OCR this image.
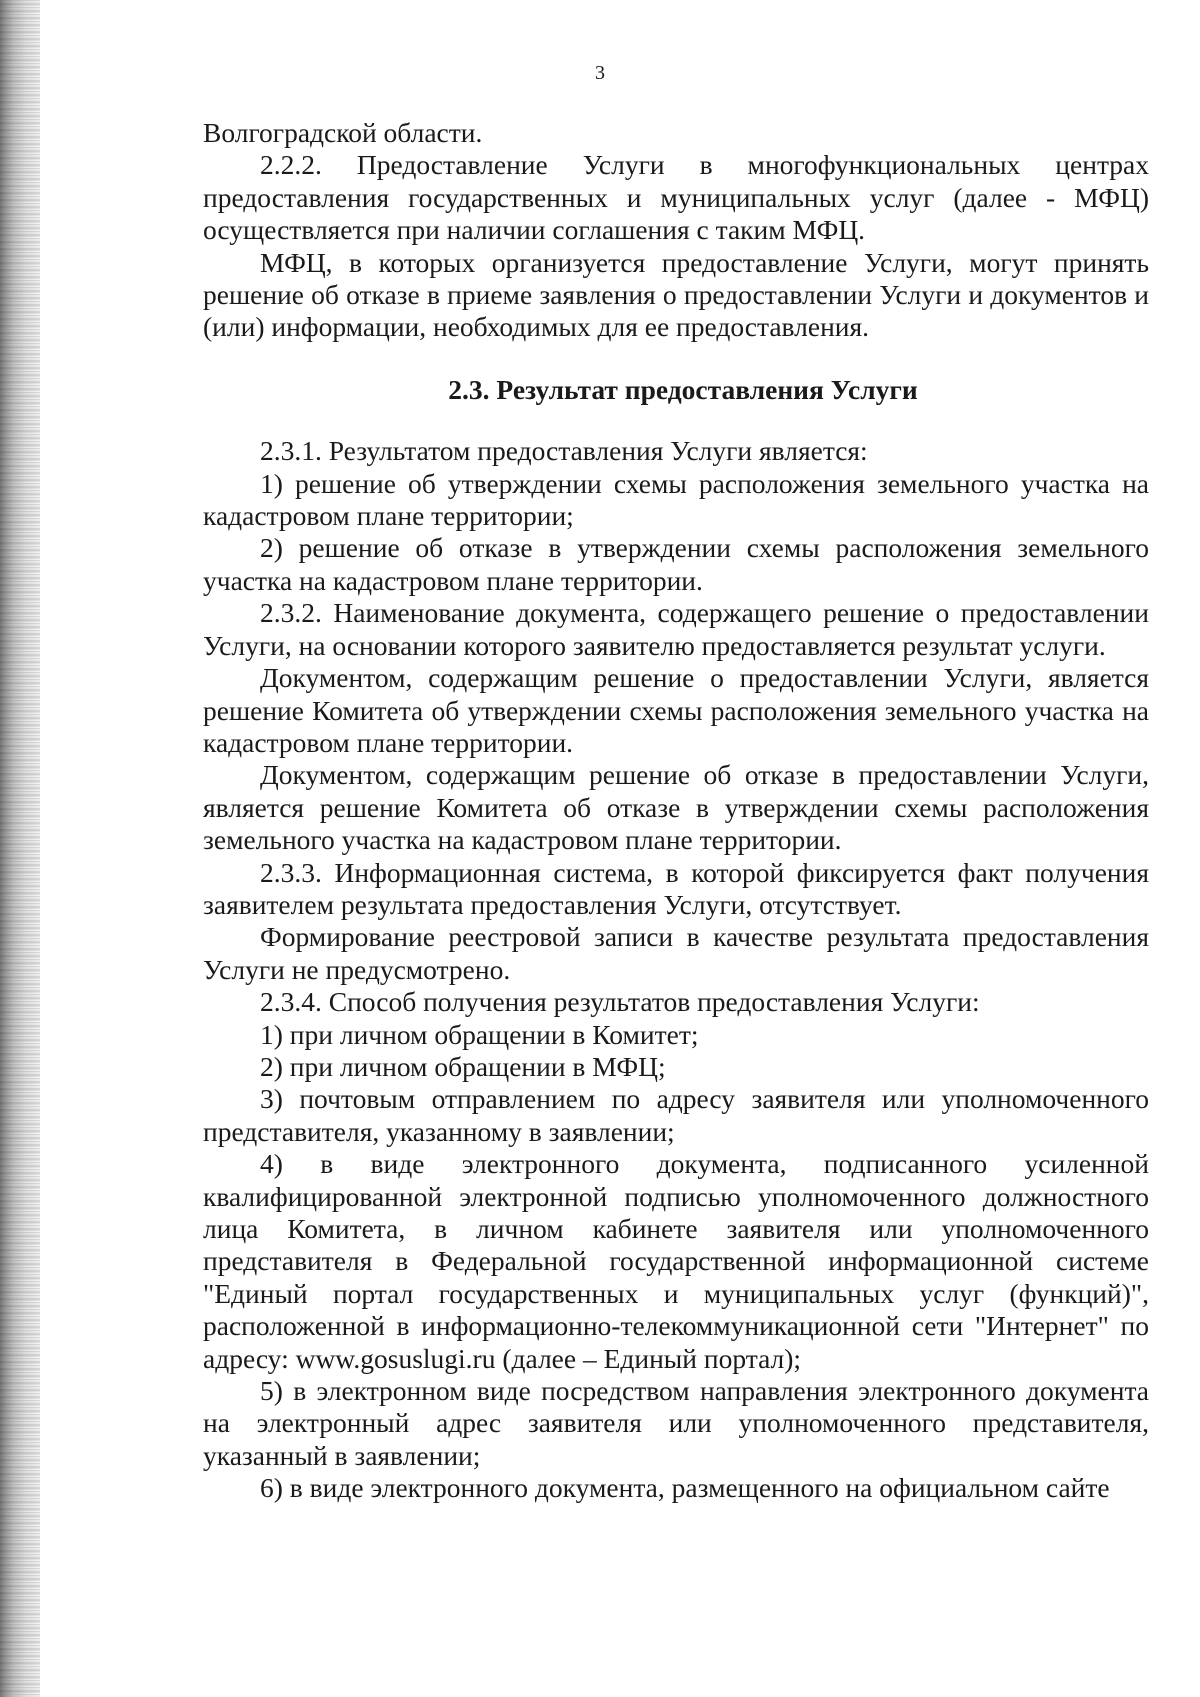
3

Волгоградской области.

2.2.2. Предоставление Услуги в многофункциональных центрах предоставления государственных и муниципальных услуг (далее - МФЦ) осуществляется при наличии соглашения с таким МФЦ.

МФЦ, в которых организуется предоставление Услуги, могут принять решение об отказе в приеме заявления о предоставлении Услуги и документов и (или) информации, необходимых для ее предоставления.

2.3. Результат предоставления Услуги

2.3.1. Результатом предоставления Услуги является:

1) решение об утверждении схемы расположения земельного участка на кадастровом плане территории;

2) решение об отказе в утверждении схемы расположения земельного участка на кадастровом плане территории.

2.3.2. Наименование документа, содержащего решение о предоставлении Услуги, на основании которого заявителю предоставляется результат услуги.

Документом, содержащим решение о предоставлении Услуги, является решение Комитета об утверждении схемы расположения земельного участка на кадастровом плане территории.

Документом, содержащим решение об отказе в предоставлении Услуги, является решение Комитета об отказе в утверждении схемы расположения земельного участка на кадастровом плане территории.

2.3.3. Информационная система, в которой фиксируется факт получения заявителем результата предоставления Услуги, отсутствует.

Формирование реестровой записи в качестве результата предоставления Услуги не предусмотрено.

2.3.4. Способ получения результатов предоставления Услуги:

1) при личном обращении в Комитет;

2) при личном обращении в МФЦ;

3) почтовым отправлением по адресу заявителя или уполномоченного представителя, указанному в заявлении;

4) в виде электронного документа, подписанного усиленной квалифицированной электронной подписью уполномоченного должностного лица Комитета, в личном кабинете заявителя или уполномоченного представителя в Федеральной государственной информационной системе "Единый портал государственных и муниципальных услуг (функций)", расположенной в информационно-телекоммуникационной сети "Интернет" по адресу: www.gosuslugi.ru (далее – Единый портал);

5) в электронном виде посредством направления электронного документа на электронный адрес заявителя или уполномоченного представителя, указанный в заявлении;

6) в виде электронного документа, размещенного на официальном сайте
